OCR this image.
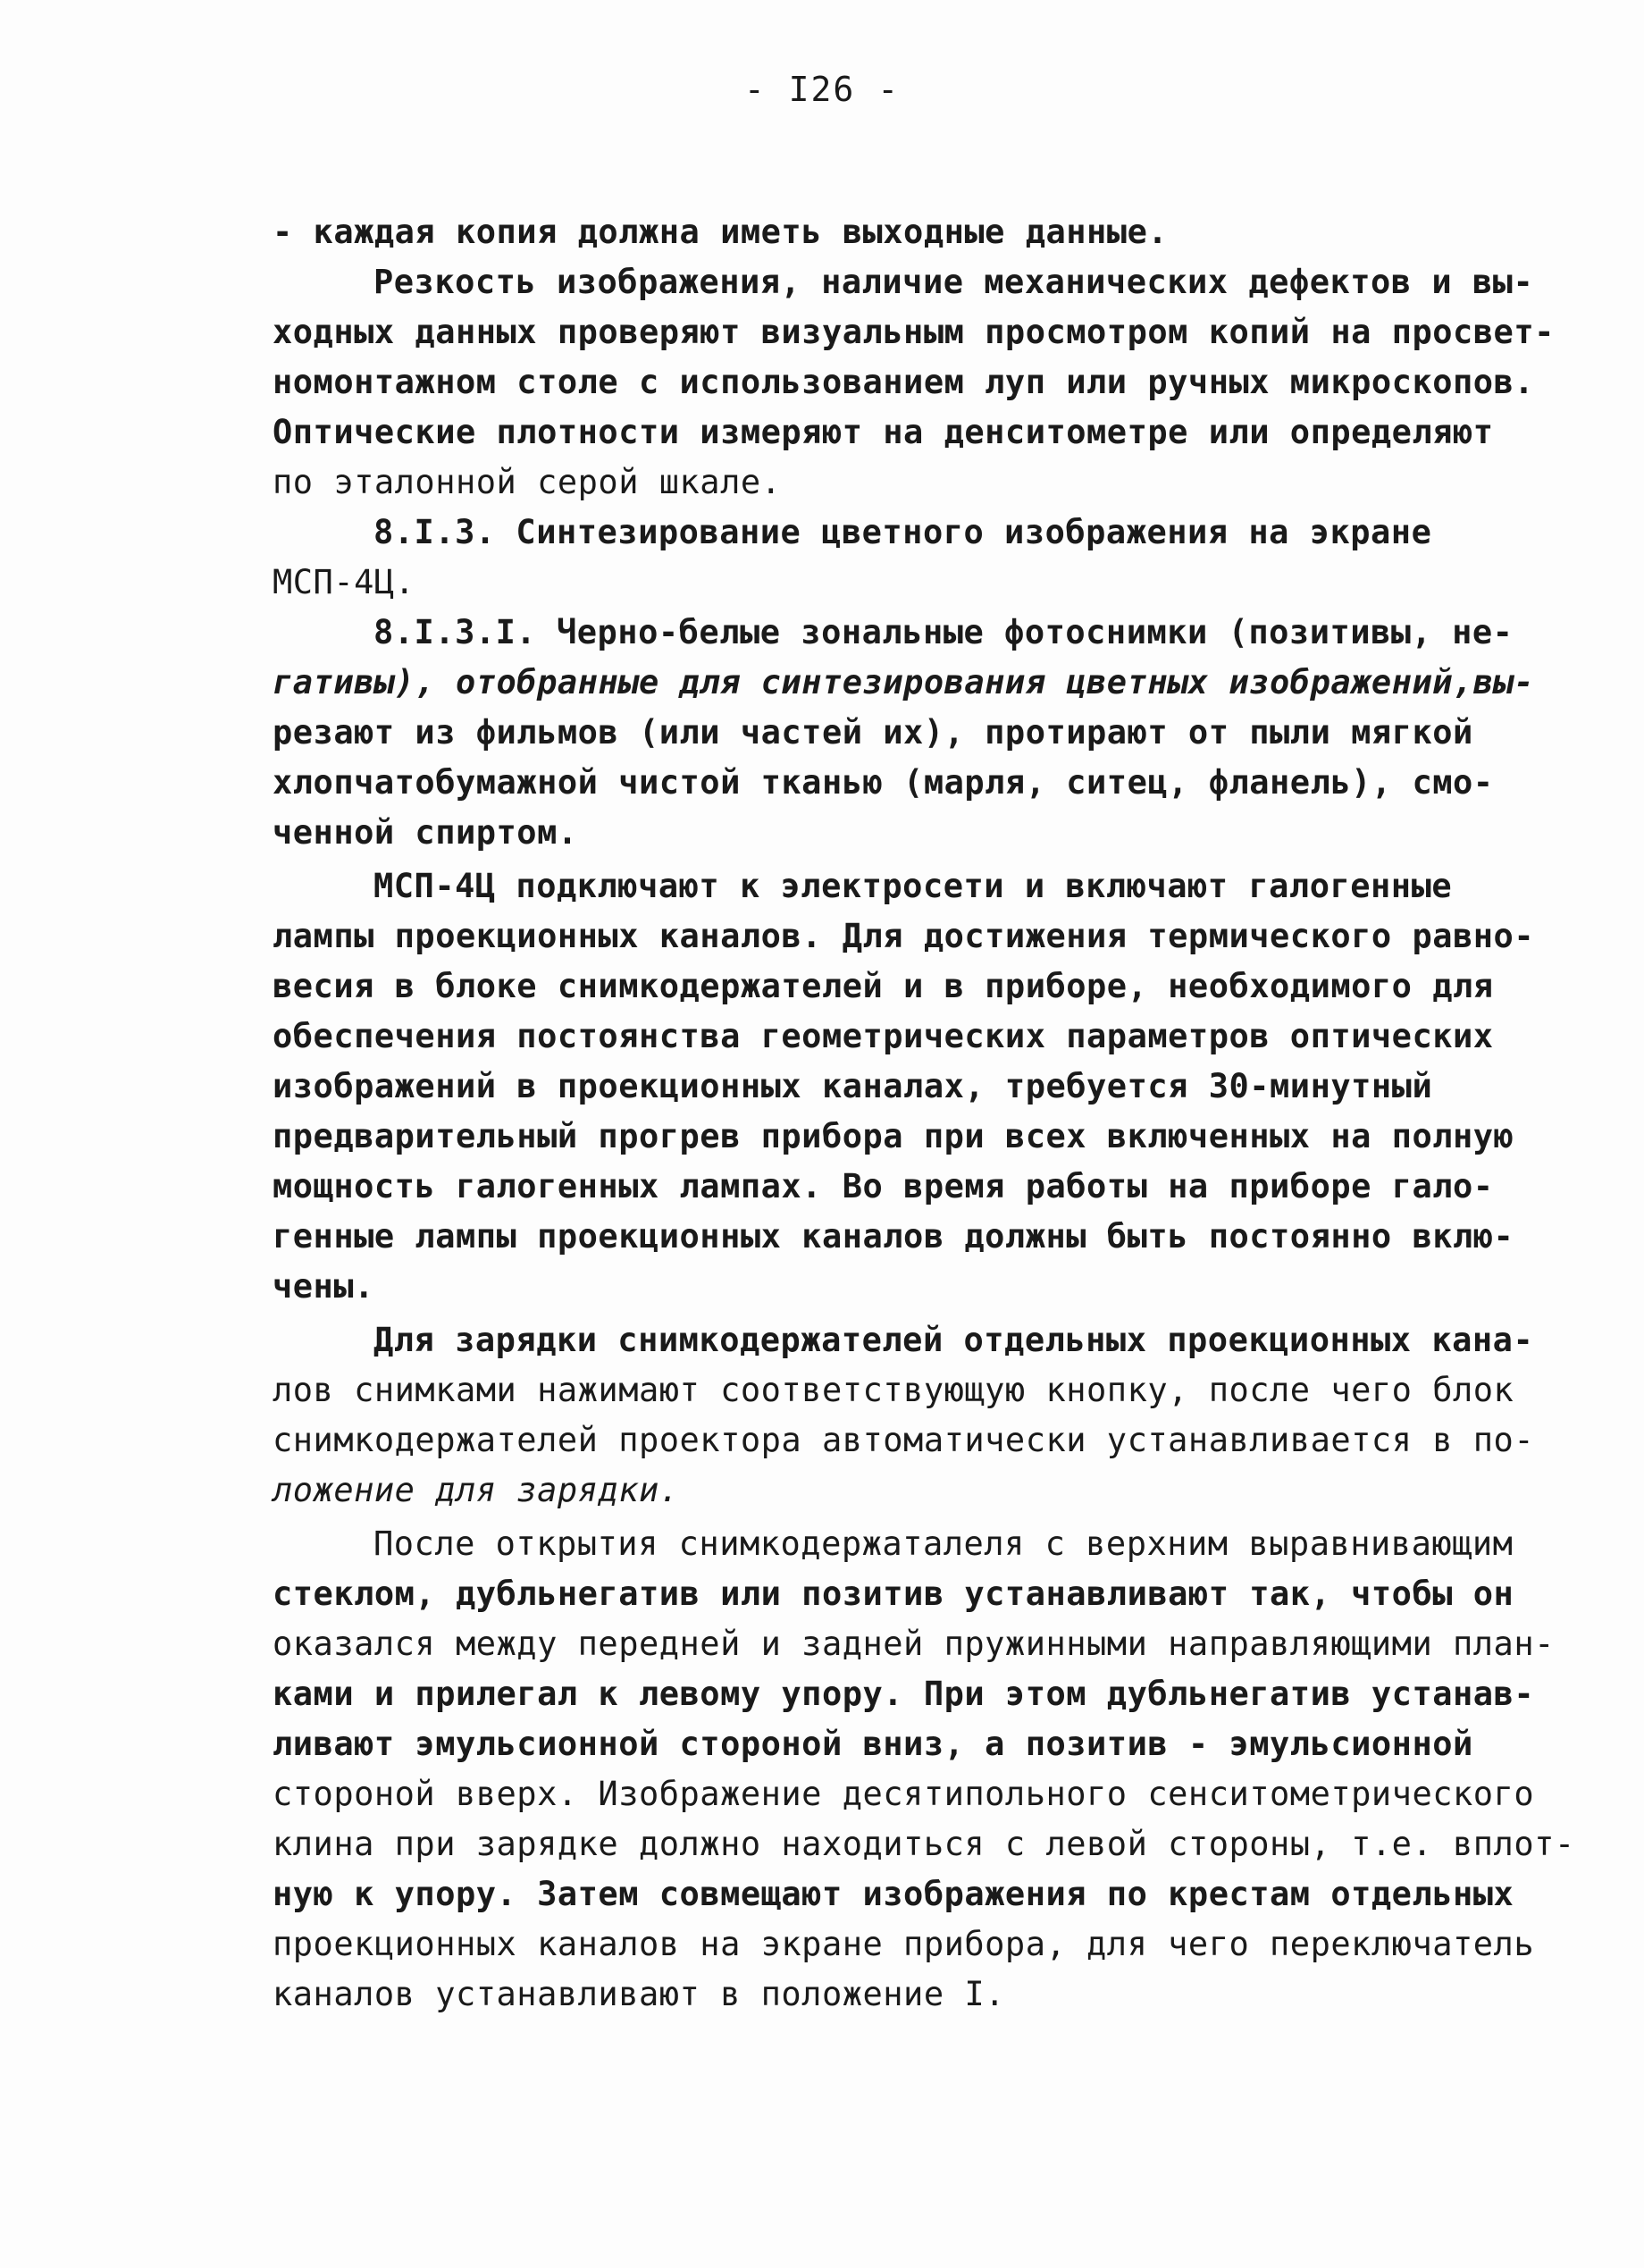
- I26 -
- каждая копия должна иметь выходные данные.
Резкость изображения, наличие механических дефектов и вы-
ходных данных проверяют визуальным просмотром копий на просвет-
номонтажном столе с использованием луп или ручных микроскопов.
Оптические плотности измеряют на денситометре или определяют
по эталонной серой шкале.
8.I.3. Синтезирование цветного изображения на экране
МСП-4Ц.
8.I.3.I. Черно-белые зональные фотоснимки (позитивы, не-
гативы), отобранные для синтезирования цветных изображений,вы-
резают из фильмов (или частей их), протирают от пыли мягкой
хлопчатобумажной чистой тканью (марля, ситец, фланель), смо-
ченной спиртом.
МСП-4Ц подключают к электросети и включают галогенные
лампы проекционных каналов. Для достижения термического равно-
весия в блоке снимкодержателей и в приборе, необходимого для
обеспечения постоянства геометрических параметров оптических
изображений в проекционных каналах, требуется 30-минутный
предварительный прогрев прибора при всех включенных на полную
мощность галогенных лампах. Во время работы на приборе гало-
генные лампы проекционных каналов должны быть постоянно вклю-
чены.
Для зарядки снимкодержателей отдельных проекционных кана-
лов снимками нажимают соответствующую кнопку, после чего блок
снимкодержателей проектора автоматически устанавливается в по-
ложение для зарядки.
После открытия снимкодержаталеля с верхним выравнивающим
стеклом, дубльнегатив или позитив устанавливают так, чтобы он
оказался между передней и задней пружинными направляющими план-
ками и прилегал к левому упору. При этом дубльнегатив устанав-
ливают эмульсионной стороной вниз, а позитив - эмульсионной
стороной вверх. Изображение десятипольного сенситометрического
клина при зарядке должно находиться с левой стороны, т.е. вплот-
ную к упору. Затем совмещают изображения по крестам отдельных
проекционных каналов на экране прибора, для чего переключатель
каналов устанавливают в положение I.
